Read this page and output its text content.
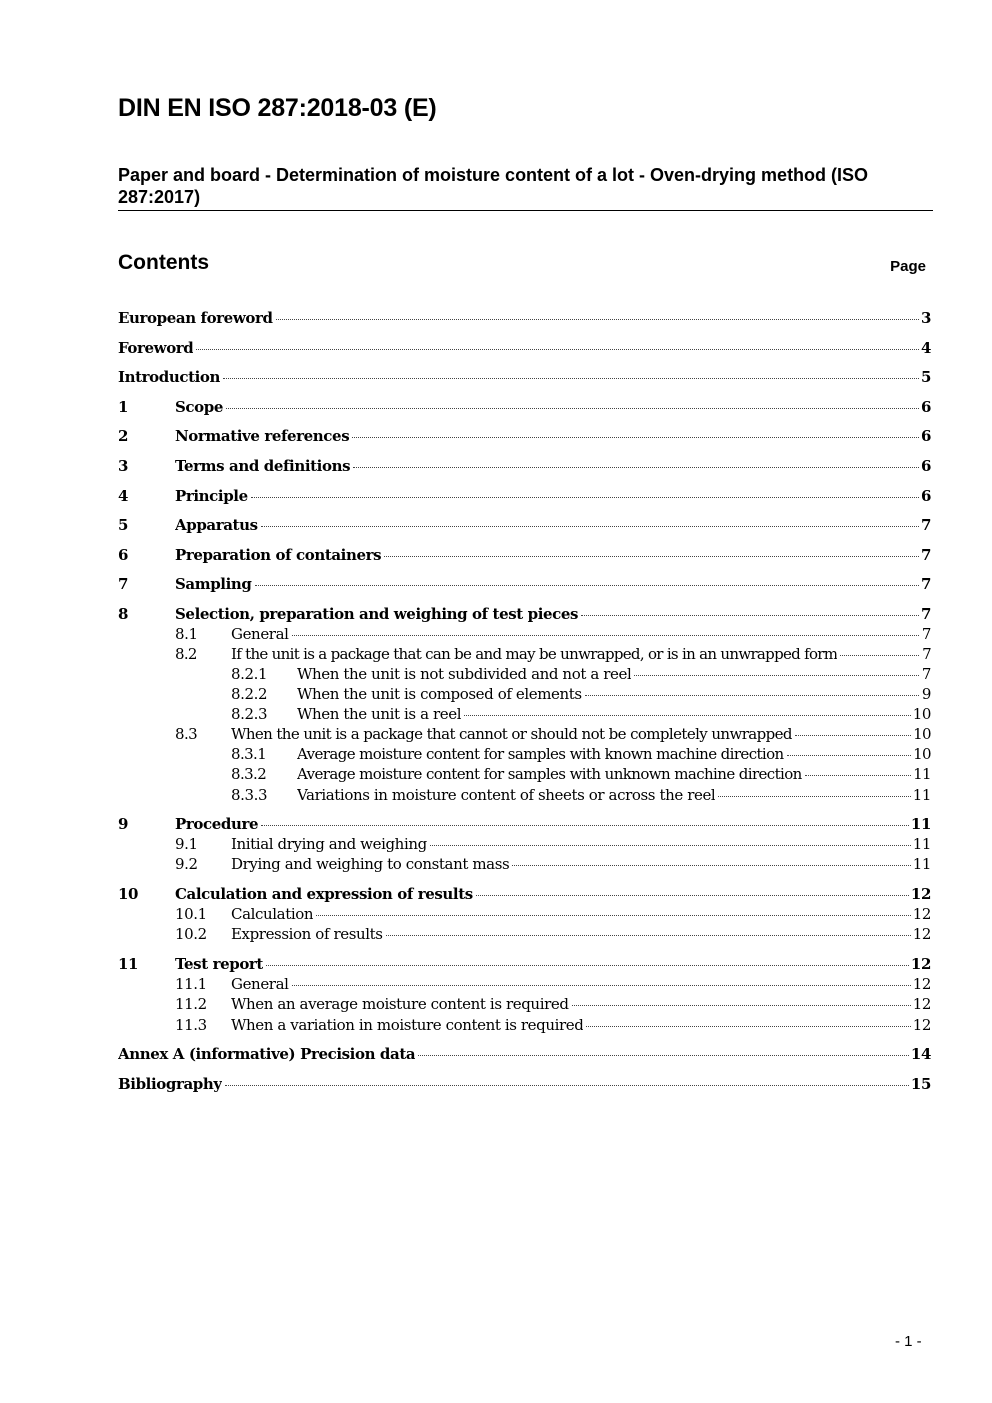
DIN EN ISO 287:2018-03 (E)
Paper and board - Determination of moisture content of a lot - Oven-drying method (ISO 287:2017)
Contents	Page
European foreword	3
Foreword	4
Introduction	5
1	Scope	6
2	Normative references	6
3	Terms and definitions	6
4	Principle	6
5	Apparatus	7
6	Preparation of containers	7
7	Sampling	7
8	Selection, preparation and weighing of test pieces	7
8.1	General	7
8.2	If the unit is a package that can be and may be unwrapped, or is in an unwrapped form	7
8.2.1	When the unit is not subdivided and not a reel	7
8.2.2	When the unit is composed of elements	9
8.2.3	When the unit is a reel	10
8.3	When the unit is a package that cannot or should not be completely unwrapped	10
8.3.1	Average moisture content for samples with known machine direction	10
8.3.2	Average moisture content for samples with unknown machine direction	11
8.3.3	Variations in moisture content of sheets or across the reel	11
9	Procedure	11
9.1	Initial drying and weighing	11
9.2	Drying and weighing to constant mass	11
10	Calculation and expression of results	12
10.1	Calculation	12
10.2	Expression of results	12
11	Test report	12
11.1	General	12
11.2	When an average moisture content is required	12
11.3	When a variation in moisture content is required	12
Annex A (informative) Precision data	14
Bibliography	15
- 1 -
